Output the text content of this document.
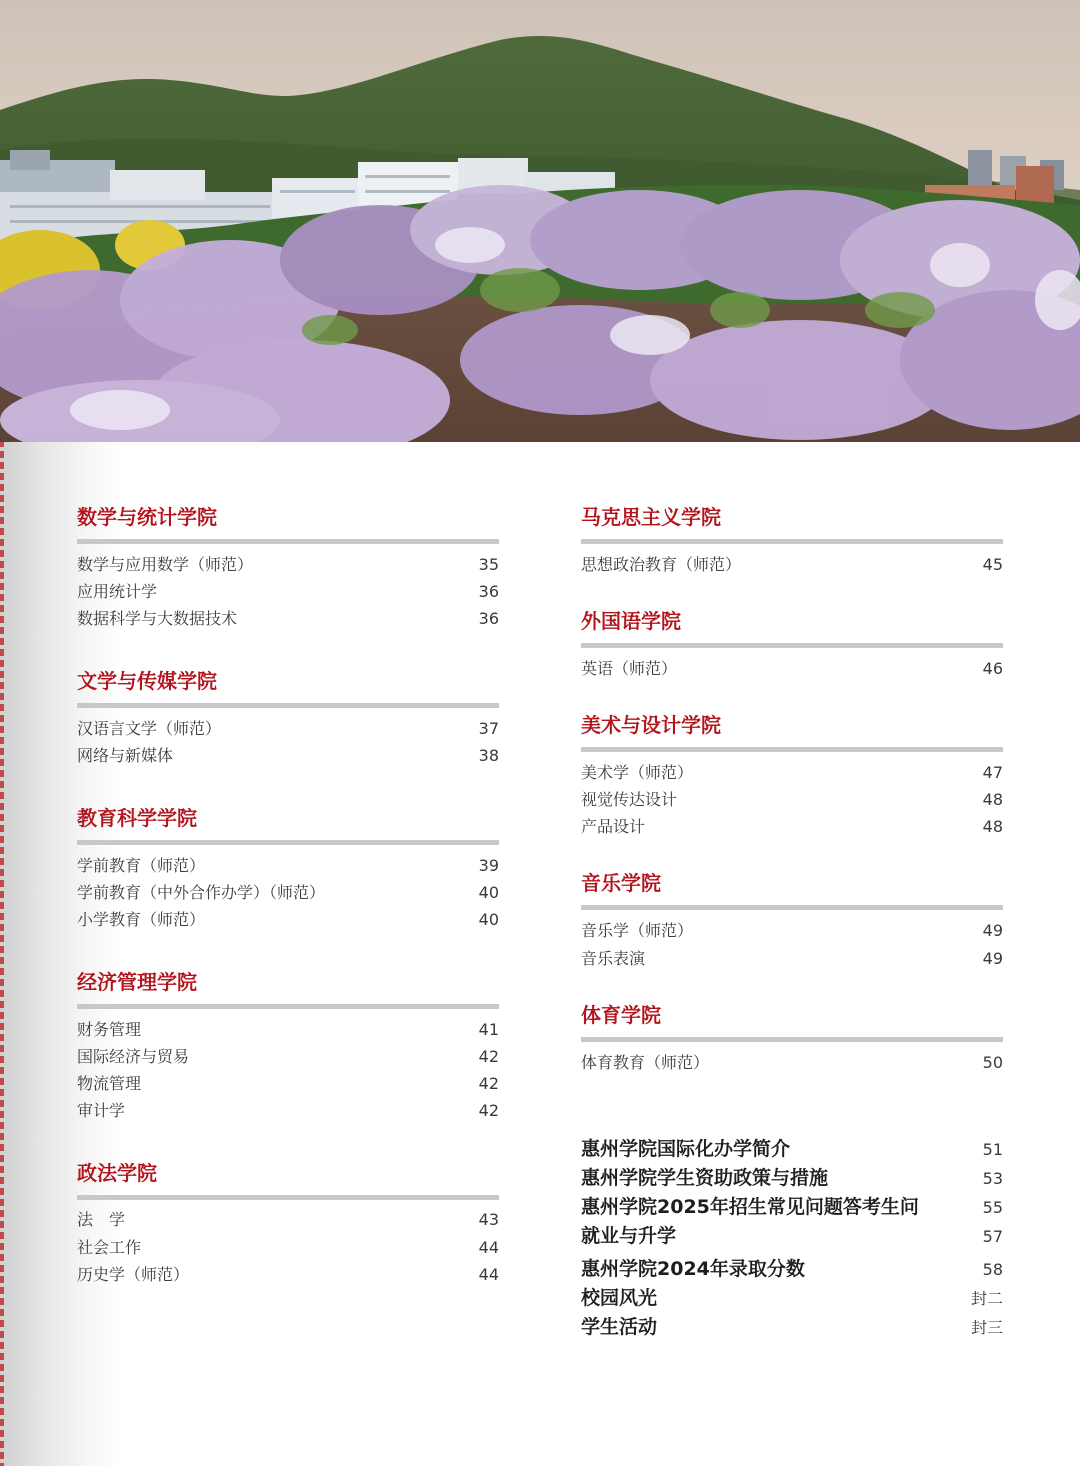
数学与统计学院
数学与应用数学（师范）	35
应用统计学	36
数据科学与大数据技术	36
文学与传媒学院
汉语言文学（师范）	37
网络与新媒体	38
教育科学学院
学前教育（师范）	39
学前教育（中外合作办学）（师范）	40
小学教育（师范）	40
经济管理学院
财务管理	41
国际经济与贸易	42
物流管理	42
审计学	42
政法学院
法　学	43
社会工作	44
历史学（师范）	44
马克思主义学院
思想政治教育（师范）	45
外国语学院
英语（师范）	46
美术与设计学院
美术学（师范）	47
视觉传达设计	48
产品设计	48
音乐学院
音乐学（师范）	49
音乐表演	49
体育学院
体育教育（师范）	50
惠州学院国际化办学简介	51
惠州学院学生资助政策与措施	53
惠州学院2025年招生常见问题答考生问	55
就业与升学	57
惠州学院2024年录取分数	58
校园风光	封二
学生活动	封三
